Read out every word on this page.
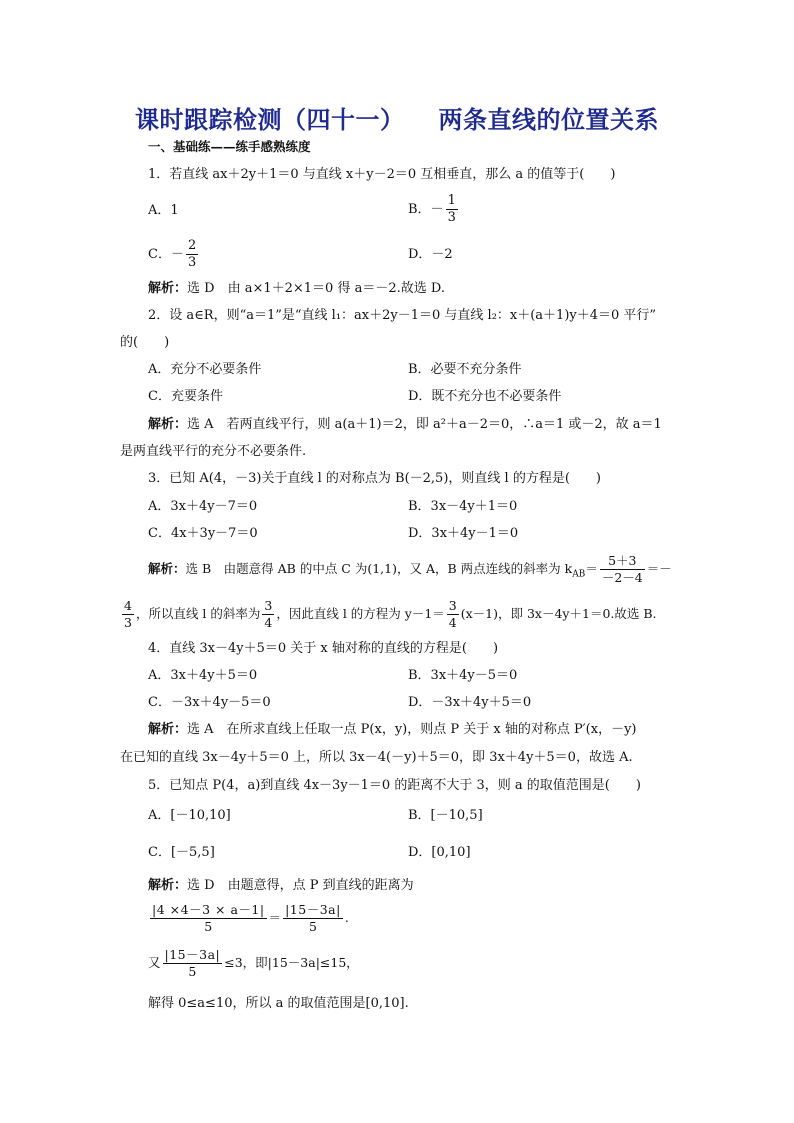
课时跟踪检测（四十一） 两条直线的位置关系
一、基础练——练手感熟练度
1．若直线 ax＋2y＋1＝0 与直线 x＋y－2＝0 互相垂直，那么 a 的值等于(　　)
A．1	B．－ $\frac{1}{3}$
C．－ $\frac{2}{3}$	D．－2
解析：选 D　由 a×1＋2×1＝0 得 a＝－2.故选 D.
2．设 a∈R，则“a＝1”是“直线 l₁：ax＋2y－1＝0 与直线 l₂：x＋(a＋1)y＋4＝0 平行”
的(　　)
A．充分不必要条件	B．必要不充分条件
C．充要条件	D．既不充分也不必要条件
解析：选 A　若两直线平行，则 a(a＋1)＝2，即 a²＋a－2＝0，∴a＝1 或－2，故 a＝1
是两直线平行的充分不必要条件.
3．已知 A(4，－3)关于直线 l 的对称点为 B(－2,5)，则直线 l 的方程是(　　)
A．3x＋4y－7＝0	B．3x－4y＋1＝0
C．4x＋3y－7＝0	D．3x＋4y－1＝0
解析：选 B　由题意得 AB 的中点 C 为(1,1)，又 A，B 两点连线的斜率为 $k_{AB}= \frac{5+3}{-2-4}$ ＝－
$\frac{4}{3}$ ，所以直线 l 的斜率为 $\frac{3}{4}$ ，因此直线 l 的方程为 $y-1= \frac{3}{4} (x-1)$，即 3x－4y＋1＝0.故选 B.
4．直线 3x－4y＋5＝0 关于 x 轴对称的直线的方程是(　　)
A．3x＋4y＋5＝0	B．3x＋4y－5＝0
C．－3x＋4y－5＝0	D．－3x＋4y＋5＝0
解析：选 A　在所求直线上任取一点 P(x，y)，则点 P 关于 x 轴的对称点 P′(x，－y)
在已知的直线 3x－4y＋5＝0 上，所以 3x－4(－y)＋5＝0，即 3x＋4y＋5＝0，故选 A.
5．已知点 P(4，a)到直线 4x－3y－1＝0 的距离不大于 3，则 a 的取值范围是(　　)
A．[－10,10]	B．[－10,5]
C．[－5,5]	D．[0,10]
解析：选 D　由题意得，点 P 到直线的距离为
$\frac{|4 \times 4-3 \times a-1|}{5} = \frac{|15-3a|}{5}$ .
又 $\frac{|15-3a|}{5} \le 3$，即|15－3a|≤15，
解得 0≤a≤10，所以 a 的取值范围是[0,10].
